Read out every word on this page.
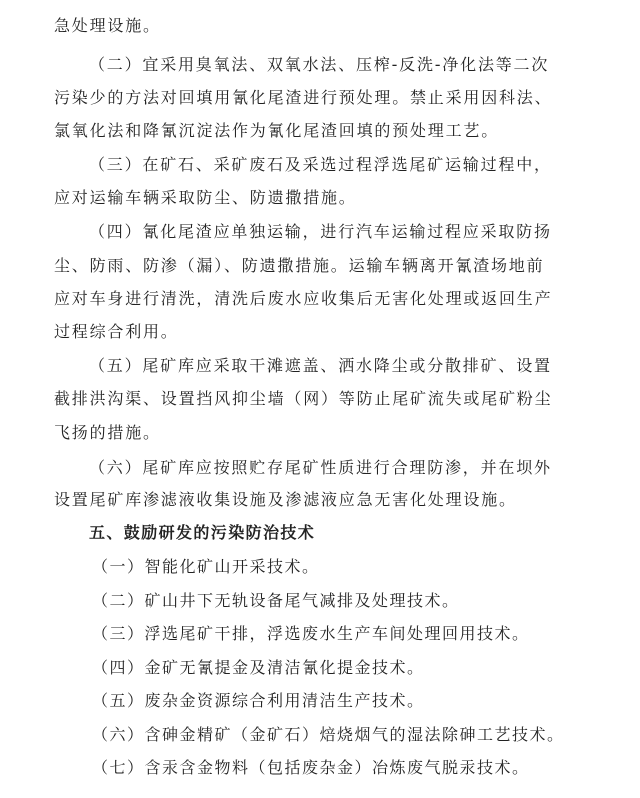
急处理设施。
（二）宜采用臭氧法、双氧水法、压榨-反洗-净化法等二次
污染少的方法对回填用氰化尾渣进行预处理。禁止采用因科法、
氯氧化法和降氰沉淀法作为氰化尾渣回填的预处理工艺。
（三）在矿石、采矿废石及采选过程浮选尾矿运输过程中，
应对运输车辆采取防尘、防遗撒措施。
（四）氰化尾渣应单独运输，进行汽车运输过程应采取防扬
尘、防雨、防渗（漏）、防遗撒措施。运输车辆离开氰渣场地前
应对车身进行清洗，清洗后废水应收集后无害化处理或返回生产
过程综合利用。
（五）尾矿库应采取干滩遮盖、洒水降尘或分散排矿、设置
截排洪沟渠、设置挡风抑尘墙（网）等防止尾矿流失或尾矿粉尘
飞扬的措施。
（六）尾矿库应按照贮存尾矿性质进行合理防渗，并在坝外
设置尾矿库渗滤液收集设施及渗滤液应急无害化处理设施。
五、鼓励研发的污染防治技术
（一）智能化矿山开采技术。
（二）矿山井下无轨设备尾气减排及处理技术。
（三）浮选尾矿干排，浮选废水生产车间处理回用技术。
（四）金矿无氰提金及清洁氰化提金技术。
（五）废杂金资源综合利用清洁生产技术。
（六）含砷金精矿（金矿石）焙烧烟气的湿法除砷工艺技术。
（七）含汞含金物料（包括废杂金）冶炼废气脱汞技术。
